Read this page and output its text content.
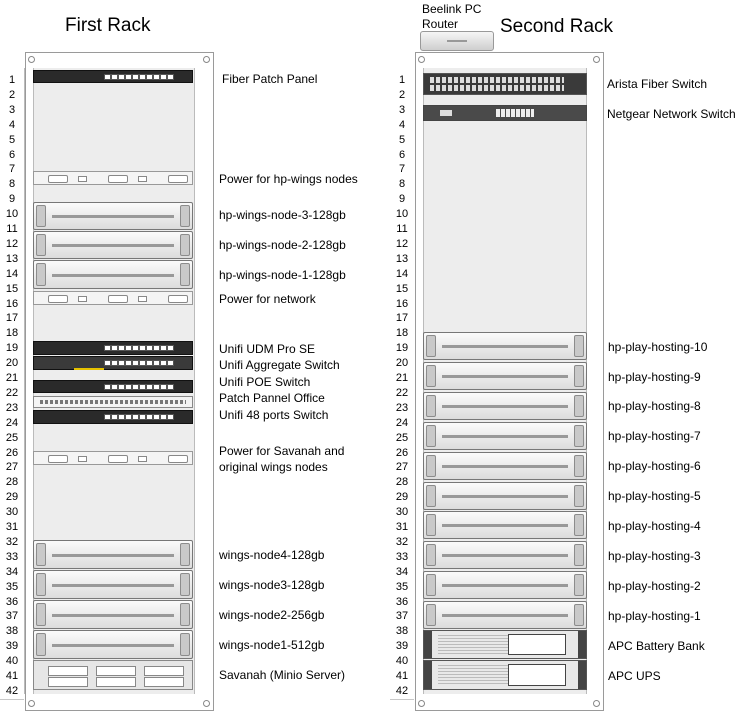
First Rack	Second Rack
Beelink PC
Router
1
2
3
4
5
6
7
8
9
10
11
12
13
14
15
16
17
18
19
20
21
22
23
24
25
26
27
28
29
30
31
32
33
34
35
36
37
38
39
40
41
42
Fiber Patch Panel
Power for hp-wings nodes
hp-wings-node-3-128gb
hp-wings-node-2-128gb
hp-wings-node-1-128gb
Power for network
Unifi UDM Pro SE
Unifi Aggregate Switch
Unifi POE Switch
Patch Pannel Office
Unifi 48 ports Switch
Power for Savanah and
original wings nodes
wings-node4-128gb
wings-node3-128gb
wings-node2-256gb
wings-node1-512gb
Savanah (Minio Server)
1
2
3
4
5
6
7
8
9
10
11
12
13
14
15
16
17
18
19
20
21
22
23
24
25
26
27
28
29
30
31
32
33
34
35
36
37
38
39
40
41
42
Arista Fiber Switch
Netgear Network Switch
hp-play-hosting-10
hp-play-hosting-9
hp-play-hosting-8
hp-play-hosting-7
hp-play-hosting-6
hp-play-hosting-5
hp-play-hosting-4
hp-play-hosting-3
hp-play-hosting-2
hp-play-hosting-1
APC Battery Bank
APC UPS
